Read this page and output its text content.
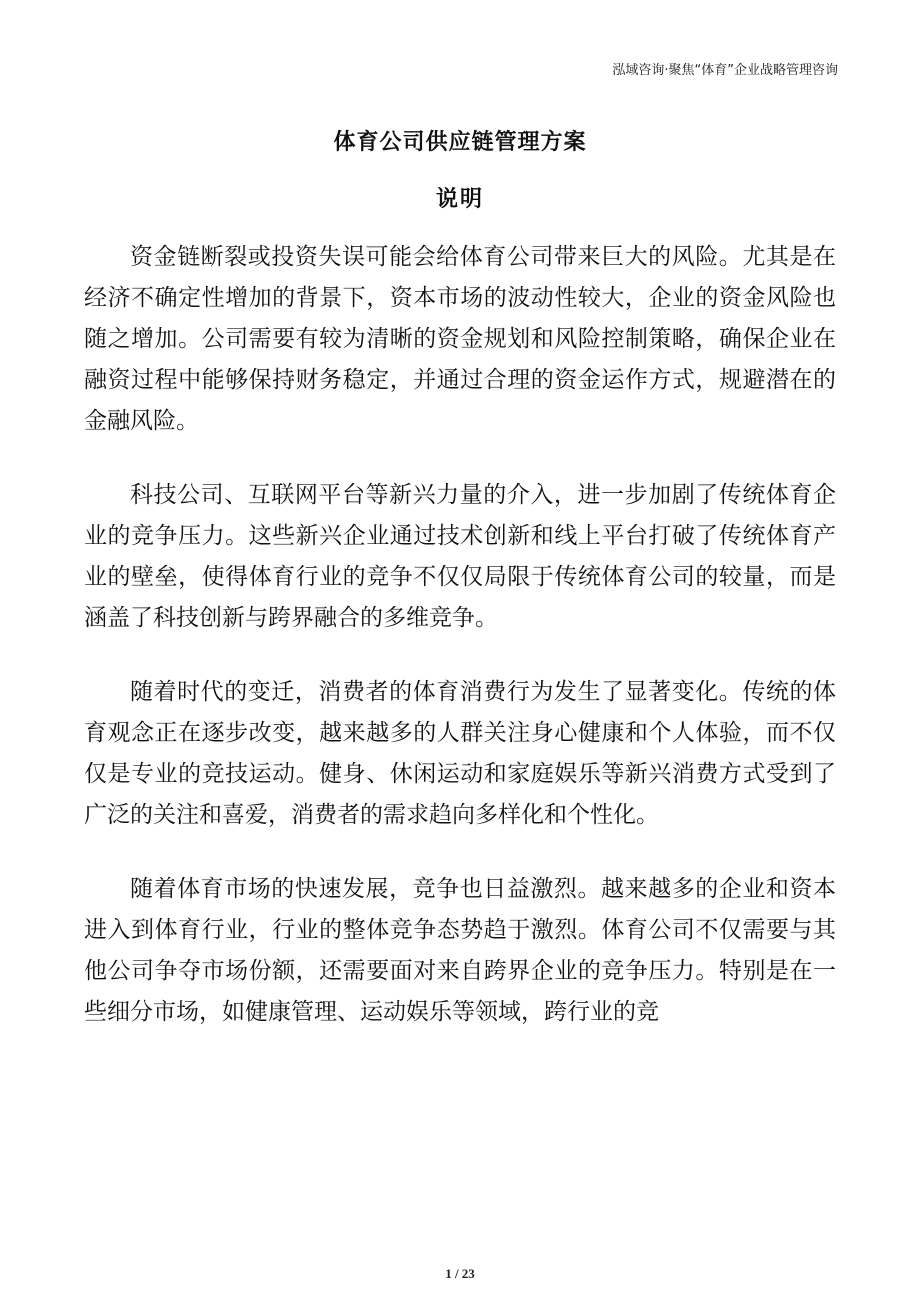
泓域咨询·聚焦“体育”企业战略管理咨询
体育公司供应链管理方案
说明

资金链断裂或投资失误可能会给体育公司带来巨大的风险。尤其是在经济不确定性增加的背景下，资本市场的波动性较大，企业的资金风险也随之增加。公司需要有较为清晰的资金规划和风险控制策略，确保企业在融资过程中能够保持财务稳定，并通过合理的资金运作方式，规避潜在的金融风险。

科技公司、互联网平台等新兴力量的介入，进一步加剧了传统体育企业的竞争压力。这些新兴企业通过技术创新和线上平台打破了传统体育产业的壁垒，使得体育行业的竞争不仅仅局限于传统体育公司的较量，而是涵盖了科技创新与跨界融合的多维竞争。

随着时代的变迁，消费者的体育消费行为发生了显著变化。传统的体育观念正在逐步改变，越来越多的人群关注身心健康和个人体验，而不仅仅是专业的竞技运动。健身、休闲运动和家庭娱乐等新兴消费方式受到了广泛的关注和喜爱，消费者的需求趋向多样化和个性化。

随着体育市场的快速发展，竞争也日益激烈。越来越多的企业和资本进入到体育行业，行业的整体竞争态势趋于激烈。体育公司不仅需要与其他公司争夺市场份额，还需要面对来自跨界企业的竞争压力。特别是在一些细分市场，如健康管理、运动娱乐等领域，跨行业的竞

1 / 23
